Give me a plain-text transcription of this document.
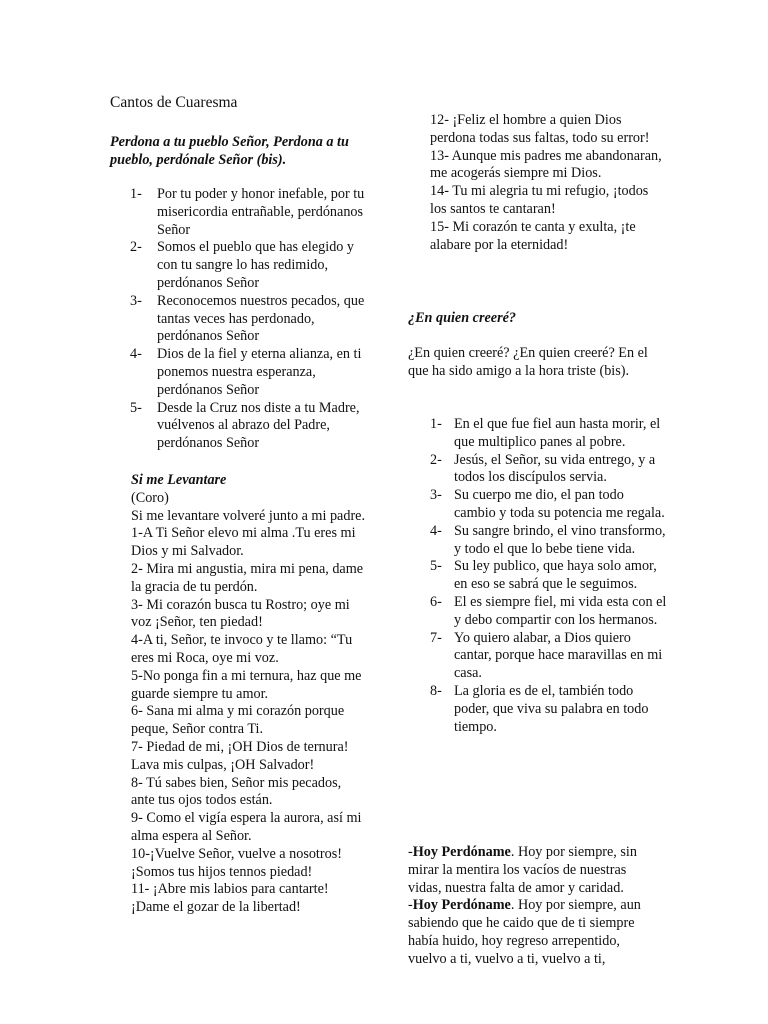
Cantos de Cuaresma

Perdona a tu pueblo Señor, Perdona a tu pueblo, perdónale Señor (bis).

1-	Por tu poder y honor inefable, por tu misericordia entrañable, perdónanos Señor
2-	Somos el pueblo que has elegido y con tu sangre lo has redimido, perdónanos Señor
3-	Reconocemos nuestros pecados, que tantas veces has perdonado, perdónanos Señor
4-	Dios de la fiel y eterna alianza, en ti ponemos nuestra esperanza, perdónanos Señor
5-	Desde la Cruz nos diste a tu Madre, vuélvenos al abrazo del Padre, perdónanos Señor

Si me Levantare

(Coro)

Si me levantare volveré junto a mi padre.

1-A Ti Señor elevo mi alma .Tu eres mi Dios y mi Salvador.

2- Mira mi angustia, mira mi pena, dame la gracia de tu perdón.

3- Mi corazón busca tu Rostro; oye mi voz ¡Señor, ten piedad!

4-A ti, Señor, te invoco y te llamo: “Tu eres mi Roca, oye mi voz.

5-No ponga fin a mi ternura, haz que me guarde siempre tu amor.

6- Sana mi alma y mi corazón porque peque, Señor contra Ti.

7- Piedad de mi, ¡OH Dios de ternura! Lava mis culpas, ¡OH Salvador!

8- Tú sabes bien, Señor mis pecados, ante tus ojos todos están.

9- Como el vigía espera la aurora, así mi alma espera al Señor.

10-¡Vuelve Señor, vuelve a nosotros! ¡Somos tus hijos tennos piedad!

11- ¡Abre mis labios para cantarte! ¡Dame el gozar de la libertad!

12- ¡Feliz el hombre a quien Dios perdona todas sus faltas, todo su error!

13- Aunque mis padres me abandonaran, me acogerás siempre mi Dios.

14- Tu mi alegria tu mi refugio, ¡todos los santos te cantaran!

15- Mi corazón te canta y exulta, ¡te alabare por la eternidad!

¿En quien creeré?

¿En quien creeré? ¿En quien creeré? En el que ha sido amigo a la hora triste (bis).

1- En el que fue fiel aun hasta morir, el que multiplico panes al pobre.
2- Jesús, el Señor, su vida entrego, y a todos los discípulos servia.
3- Su cuerpo me dio, el pan todo cambio y toda su potencia me regala.
4- Su sangre brindo, el vino transformo, y todo el que lo bebe tiene vida.
5- Su ley publico, que haya solo amor, en eso se sabrá que le seguimos.
6- El es siempre fiel, mi vida esta con el y debo compartir con los hermanos.
7- Yo quiero alabar, a Dios quiero cantar, porque hace maravillas en mi casa.
8- La gloria es de el, también todo poder, que viva su palabra en todo tiempo.

-Hoy Perdóname. Hoy por siempre, sin mirar la mentira los vacíos de nuestras vidas, nuestra falta de amor y caridad.

-Hoy Perdóname. Hoy por siempre, aun sabiendo que he caido que de ti siempre había huido, hoy regreso arrepentido, vuelvo a ti, vuelvo a ti, vuelvo a ti,
